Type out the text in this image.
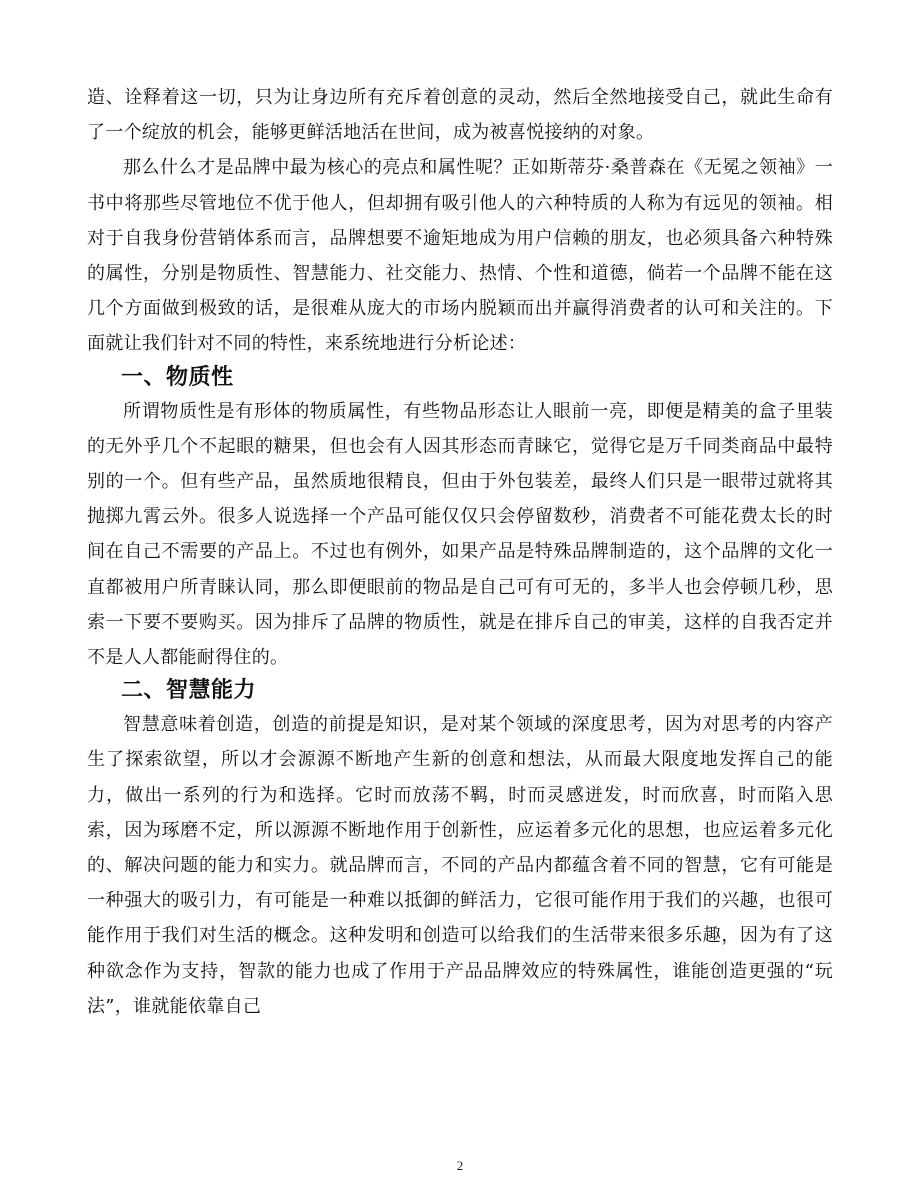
造、诠释着这一切，只为让身边所有充斥着创意的灵动，然后全然地接受自己，就此生命有了一个绽放的机会，能够更鲜活地活在世间，成为被喜悦接纳的对象。

那么什么才是品牌中最为核心的亮点和属性呢？正如斯蒂芬·桑普森在《无冕之领袖》一书中将那些尽管地位不优于他人，但却拥有吸引他人的六种特质的人称为有远见的领袖。相对于自我身份营销体系而言，品牌想要不逾矩地成为用户信赖的朋友，也必须具备六种特殊的属性，分别是物质性、智慧能力、社交能力、热情、个性和道德，倘若一个品牌不能在这几个方面做到极致的话，是很难从庞大的市场内脱颖而出并赢得消费者的认可和关注的。下面就让我们针对不同的特性，来系统地进行分析论述：

一、物质性

所谓物质性是有形体的物质属性，有些物品形态让人眼前一亮，即便是精美的盒子里装的无外乎几个不起眼的糖果，但也会有人因其形态而青睐它，觉得它是万千同类商品中最特别的一个。但有些产品，虽然质地很精良，但由于外包装差，最终人们只是一眼带过就将其抛掷九霄云外。很多人说选择一个产品可能仅仅只会停留数秒，消费者不可能花费太长的时间在自己不需要的产品上。不过也有例外，如果产品是特殊品牌制造的，这个品牌的文化一直都被用户所青睐认同，那么即便眼前的物品是自己可有可无的，多半人也会停顿几秒，思索一下要不要购买。因为排斥了品牌的物质性，就是在排斥自己的审美，这样的自我否定并不是人人都能耐得住的。

二、智慧能力

智慧意味着创造，创造的前提是知识，是对某个领域的深度思考，因为对思考的内容产生了探索欲望，所以才会源源不断地产生新的创意和想法，从而最大限度地发挥自己的能力，做出一系列的行为和选择。它时而放荡不羁，时而灵感迸发，时而欣喜，时而陷入思索，因为琢磨不定，所以源源不断地作用于创新性，应运着多元化的思想，也应运着多元化的、解决问题的能力和实力。就品牌而言，不同的产品内都蕴含着不同的智慧，它有可能是一种强大的吸引力，有可能是一种难以抵御的鲜活力，它很可能作用于我们的兴趣，也很可能作用于我们对生活的概念。这种发明和创造可以给我们的生活带来很多乐趣，因为有了这种欲念作为支持，智款的能力也成了作用于产品品牌效应的特殊属性，谁能创造更强的“玩法”，谁就能依靠自己

2
